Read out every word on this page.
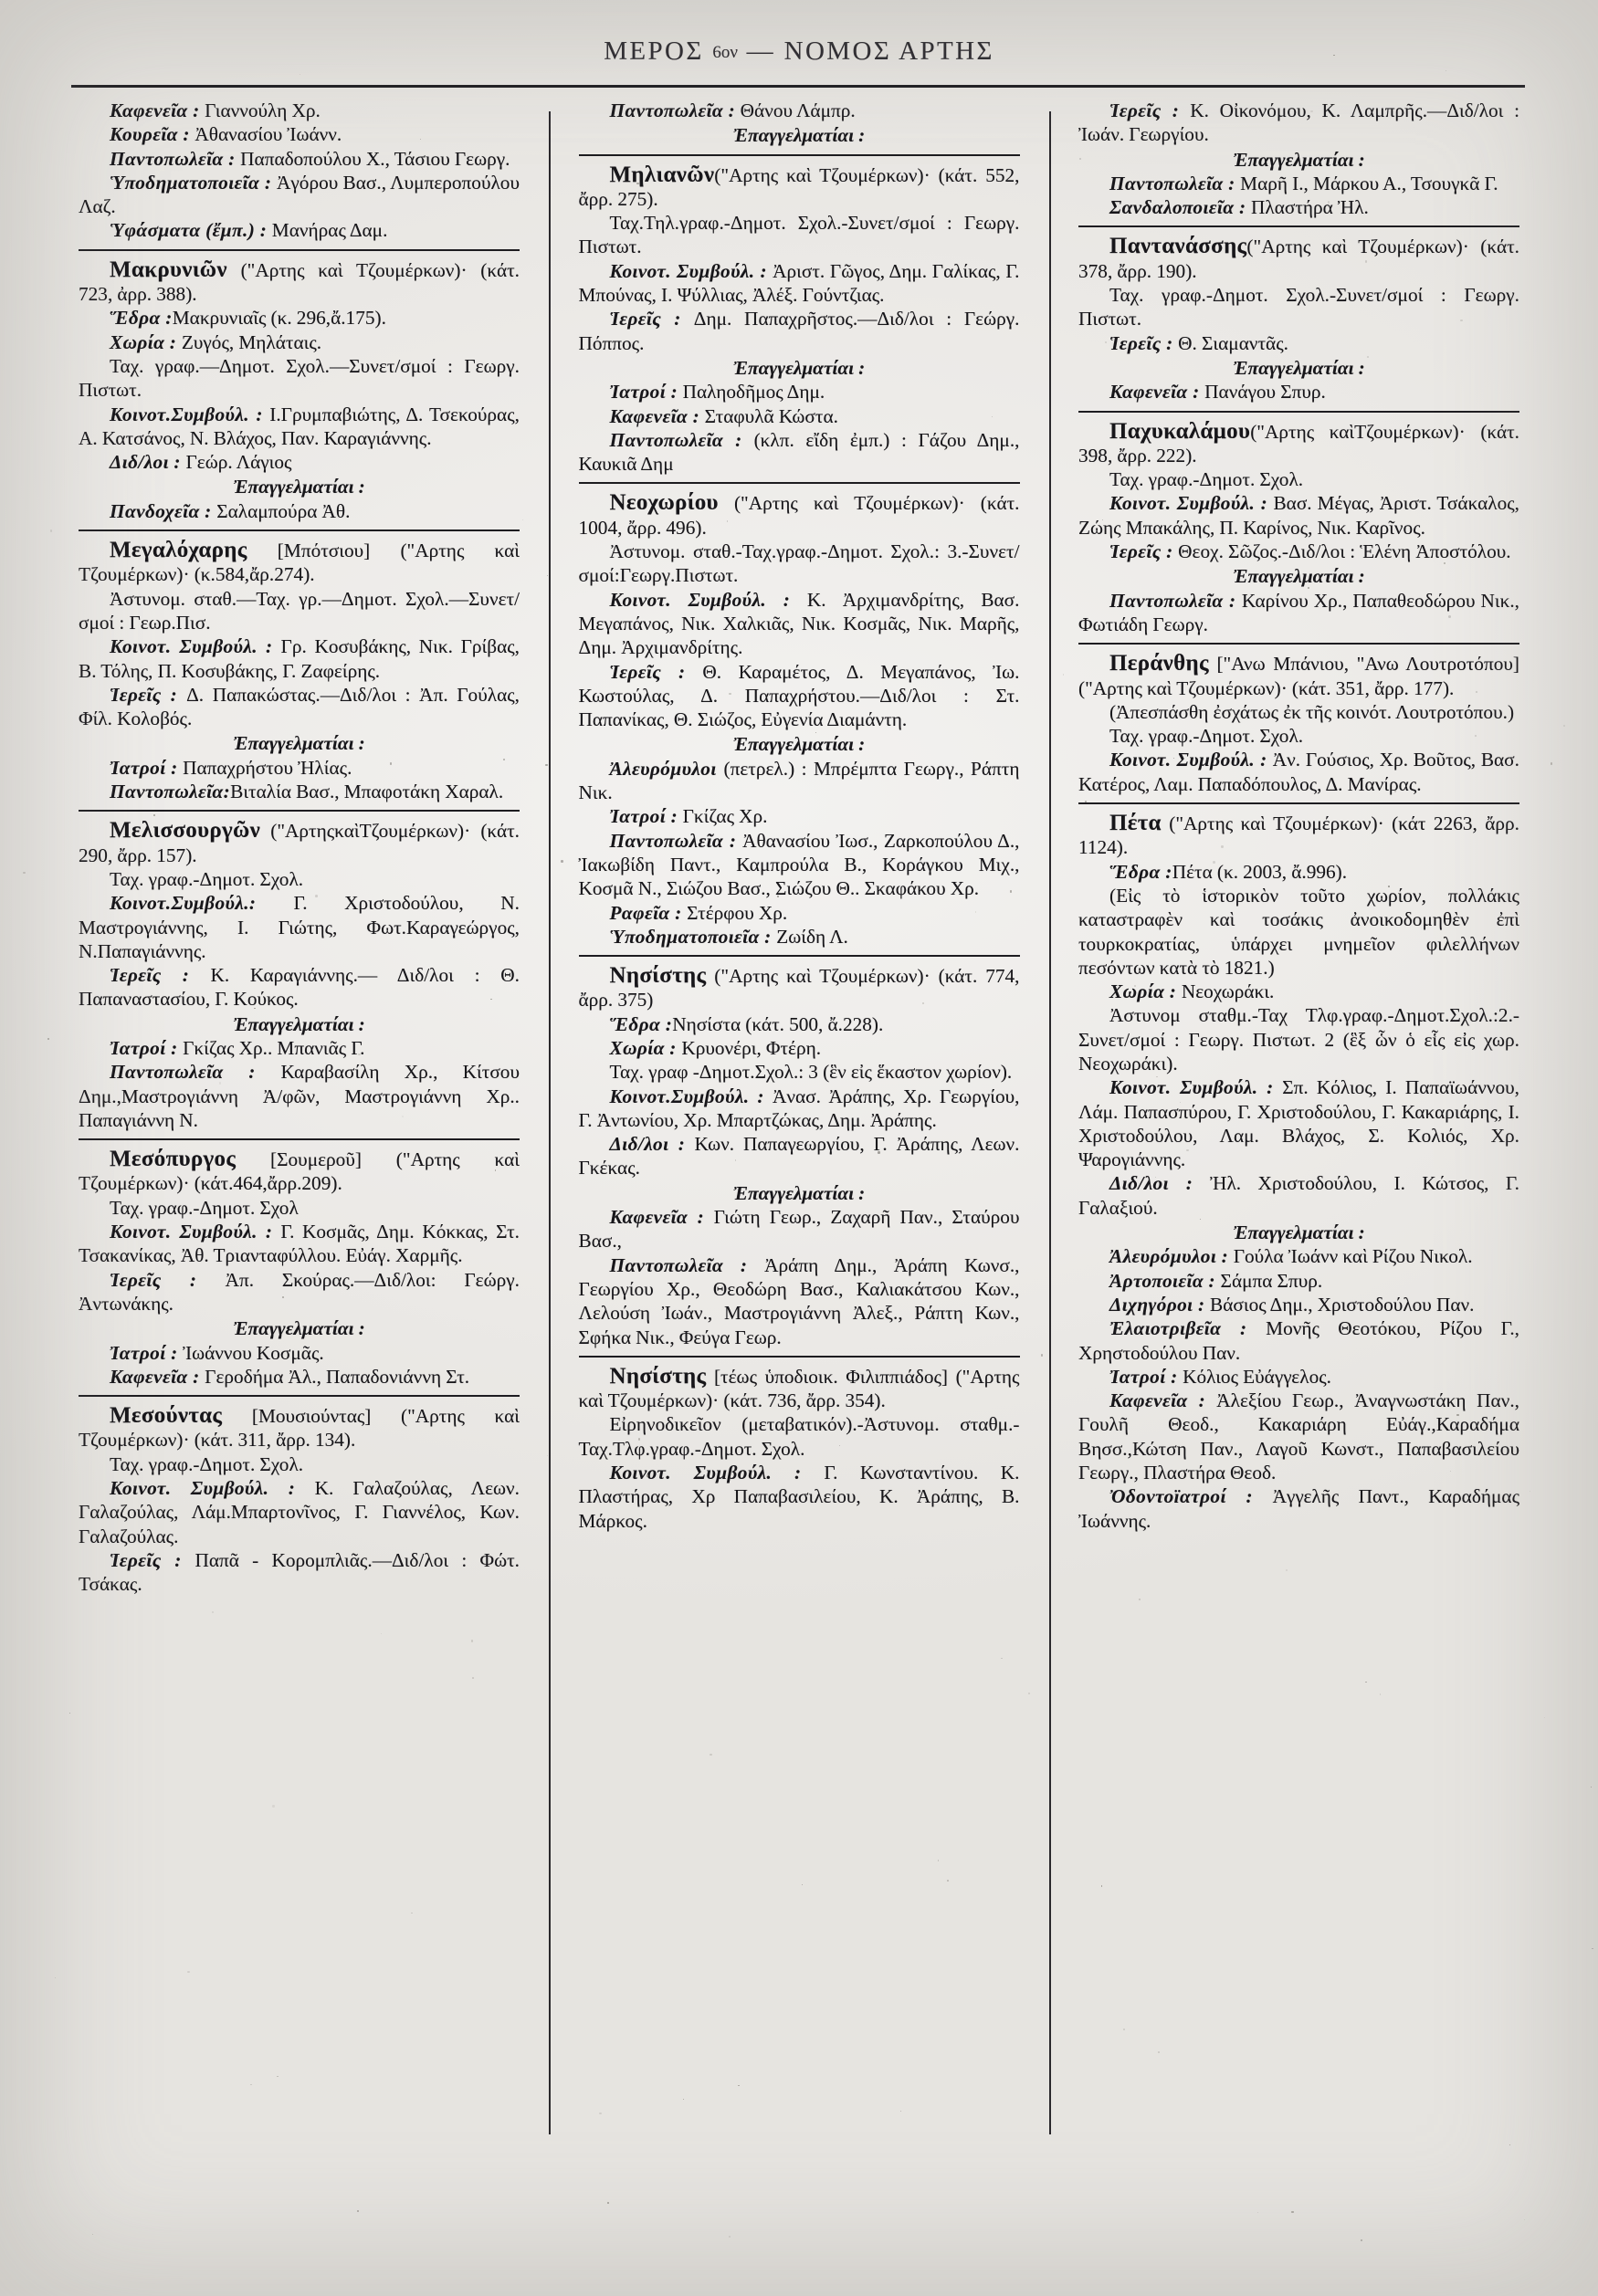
ΜΕΡΟΣ 6ον — ΝΟΜΟΣ ΑΡΤΗΣ
Καφενεῖα : Γιαννούλη Χρ.
Κουρεῖα : Ἀθανασίου Ἰωάνν.
Παντοπωλεῖα : Παπαδοπούλου Χ., Τάσιου Γεωργ.
Ὑποδηματοποιεῖα : Ἀγόρου Βασ., Λυμπεροπούλου Λαζ.
Ὑφάσματα (ἔμπ.) : Μανήρας Δαμ.
Μακρυνιῶν ("Αρτης καὶ Τζουμέρκων)· (κάτ. 723, ἀρρ. 388).
Ἕδρα :Μακρυνιαῖς (κ. 296,ἄ.175).
Χωρία : Ζυγός, Μηλάταις.
Ταχ. γραφ.—Δημοτ. Σχολ.—Συνετ/σμοί : Γεωργ. Πιστωτ.
Κοινοτ.Συμβούλ. : Ι.Γρυμπαβιώτης, Δ. Τσεκούρας, Α. Κατσάνος, Ν. Βλάχος, Παν. Καραγιάννης.
Διδ/λοι : Γεώρ. Λάγιος
Ἐπαγγελματίαι :
Πανδοχεῖα : Σαλαμπούρα Ἀθ.
Μεγαλόχαρης [Μπότσιου] ("Αρτης καὶ Τζουμέρκων)· (κ.584,ἄρ.274).
Ἀστυνομ. σταθ.—Ταχ. γρ.—Δημοτ. Σχολ.—Συνετ/σμοί : Γεωρ.Πισ.
Κοινοτ. Συμβούλ. : Γρ. Κοσυβάκης, Νικ. Γρίβας, Β. Τόλης, Π. Κοσυβάκης, Γ. Ζαφείρης.
Ἱερεῖς : Δ. Παπακώστας.—Διδ/λοι : Ἀπ. Γούλας, Φίλ. Κολοβός.
Ἐπαγγελματίαι :
Ἰατροί : Παπαχρήστου Ἠλίας.
Παντοπωλεῖα:Βιταλία Βασ., Μπαφοτάκη Χαραλ.
Μελισσουργῶν ("ΑρτηςκαὶΤζουμέρκων)· (κάτ. 290, ἄρρ. 157).
Ταχ. γραφ.-Δημοτ. Σχολ.
Κοινοτ.Συμβούλ.: Γ. Χριστοδούλου, Ν. Μαστρογιάννης, Ι. Γιώτης, Φωτ.Καραγεώργος, Ν.Παπαγιάννης.
Ἱερεῖς : Κ. Καραγιάννης.— Διδ/λοι : Θ. Παπαναστασίου, Γ. Κούκος.
Ἐπαγγελματίαι :
Ἰατροί : Γκίζας Χρ.. Μπανιᾶς Γ.
Παντοπωλεῖα : Καραβασίλη Χρ., Κίτσου Δημ.,Μαστρογιάννη Ἀ/φῶν, Μαστρογιάννη Χρ.. Παπαγιάννη Ν.
Μεσόπυργος [Σουμεροῦ] ("Αρτης καὶ Τζουμέρκων)· (κάτ.464,ἄρρ.209).
Ταχ. γραφ.-Δημοτ. Σχολ
Κοινοτ. Συμβούλ. : Γ. Κοσμᾶς, Δημ. Κόκκας, Στ. Τσακανίκας, Ἀθ. Τριανταφύλλου. Εὐάγ. Χαρμῆς.
Ἱερεῖς : Ἀπ. Σκούρας.—Διδ/λοι: Γεώργ. Ἀντωνάκης.
Ἐπαγγελματίαι :
Ἰατροί : Ἰωάννου Κοσμᾶς.
Καφενεῖα : Γεροδήμα Ἀλ., Παπαδονιάννη Στ.
Μεσούντας [Μουσιούντας] ("Αρτης καὶ Τζουμέρκων)· (κάτ. 311, ἄρρ. 134).
Ταχ. γραφ.-Δημοτ. Σχολ.
Κοινοτ. Συμβούλ. : Κ. Γαλαζούλας, Λεων. Γαλαζούλας, Λάμ.Μπαρτονῖνος, Γ. Γιαννέλος, Κων. Γαλαζούλας.
Ἱερεῖς : Παπᾶ - Κορομπλιᾶς.—Διδ/λοι : Φώτ. Τσάκας.
Παντοπωλεῖα : Θάνου Λάμπρ.
Ἐπαγγελματίαι :
Μηλιανῶν("Αρτης καὶ Τζουμέρκων)· (κάτ. 552, ἄρρ. 275).
Ταχ.Τηλ.γραφ.-Δημοτ. Σχολ.-Συνετ/σμοί : Γεωργ. Πιστωτ.
Κοινοτ. Συμβούλ. : Ἀριστ. Γῶγος, Δημ. Γαλίκας, Γ. Μπούνας, Ι. Ψύλλιας, Ἀλέξ. Γούντζιας.
Ἱερεῖς : Δημ. Παπαχρῆστος.—Διδ/λοι : Γεώργ. Πόππος.
Ἐπαγγελματίαι :
Ἰατροί : Παληοδῆμος Δημ.
Καφενεῖα : Σταφυλᾶ Κώστα.
Παντοπωλεῖα : (κλπ. εἴδη ἐμπ.) : Γάζου Δημ., Καυκιᾶ Δημ
Νεοχωρίου ("Αρτης καὶ Τζουμέρκων)· (κάτ. 1004, ἄρρ. 496).
Ἀστυνομ. σταθ.-Ταχ.γραφ.-Δημοτ. Σχολ.: 3.-Συνετ/σμοί:Γεωργ.Πιστωτ.
Κοινοτ. Συμβούλ. : Κ. Ἀρχιμανδρίτης, Βασ. Μεγαπάνος, Νικ. Χαλκιᾶς, Νικ. Κοσμᾶς, Νικ. Μαρῆς, Δημ. Ἀρχιμανδρίτης.
Ἱερεῖς : Θ. Καραμέτος, Δ. Μεγαπάνος, Ἰω. Κωστούλας, Δ. Παπαχρήστου.—Διδ/λοι : Στ. Παπανίκας, Θ. Σιώζος, Εὐγενία Διαμάντη.
Ἐπαγγελματίαι :
Ἀλευρόμυλοι (πετρελ.) : Μπρέμπτα Γεωργ., Ράπτη Νικ.
Ἰατροί : Γκίζας Χρ.
Παντοπωλεῖα : Ἀθανασίου Ἰωσ., Ζαρκοπούλου Δ., Ἰακωβίδη Παντ., Καμπρούλα Β., Κοράγκου Μιχ., Κοσμᾶ Ν., Σιώζου Βασ., Σιώζου Θ.. Σκαφάκου Χρ.
Ραφεῖα : Στέρφου Χρ.
Ὑποδηματοποιεῖα : Ζωίδη Λ.
Νησίστης ("Αρτης καὶ Τζουμέρκων)· (κάτ. 774, ἄρρ. 375)
Ἕδρα :Νησίστα (κάτ. 500, ἄ.228).
Χωρία : Κρυονέρι, Φτέρη.
Ταχ. γραφ -Δημοτ.Σχολ.: 3 (ἓν εἰς ἕκαστον χωρίον).
Κοινοτ.Συμβούλ. : Ἀνασ. Ἀράπης, Χρ. Γεωργίου, Γ. Ἀντωνίου, Χρ. Μπαρτζώκας, Δημ. Ἀράπης.
Διδ/λοι : Κων. Παπαγεωργίου, Γ. Ἀράπης, Λεων. Γκέκας.
Ἐπαγγελματίαι :
Καφενεῖα : Γιώτη Γεωρ., Ζαχαρῆ Παν., Σταύρου Βασ.,
Παντοπωλεῖα : Ἀράπη Δημ., Ἀράπη Κωνσ., Γεωργίου Χρ., Θεοδώρη Βασ., Καλιακάτσου Κων., Λελούση Ἰωάν., Μαστρογιάννη Ἀλεξ., Ράπτη Κων., Σφήκα Νικ., Φεύγα Γεωρ.
Νησίστης [τέως ὑποδιοικ. Φιλιππιάδος] ("Αρτης καὶ Τζουμέρκων)· (κάτ. 736, ἄρρ. 354).
Εἰρηνοδικεῖον (μεταβατικόν).-Ἀστυνομ. σταθμ.-Ταχ.Τλφ.γραφ.-Δημοτ. Σχολ.
Κοινοτ. Συμβούλ. : Γ. Κωνσταντίνου. Κ. Πλαστήρας, Χρ Παπαβασιλείου, Κ. Ἀράπης, Β. Μάρκος.
Ἱερεῖς : Κ. Οἰκονόμου, Κ. Λαμπρῆς.—Διδ/λοι : Ἰωάν. Γεωργίου.
Ἐπαγγελματίαι :
Παντοπωλεῖα : Μαρῆ Ι., Μάρκου Α., Τσουγκᾶ Γ.
Σανδαλοποιεῖα : Πλαστήρα Ἠλ.
Παντανάσσης("Αρτης καὶ Τζουμέρκων)· (κάτ. 378, ἄρρ. 190).
Ταχ. γραφ.-Δημοτ. Σχολ.-Συνετ/σμοί : Γεωργ. Πιστωτ.
Ἱερεῖς : Θ. Σιαμαντᾶς.
Ἐπαγγελματίαι :
Καφενεῖα : Πανάγου Σπυρ.
Παχυκαλάμου("Αρτης καὶΤζουμέρκων)· (κάτ. 398, ἄρρ. 222).
Ταχ. γραφ.-Δημοτ. Σχολ.
Κοινοτ. Συμβούλ. : Βασ. Μέγας, Ἀριστ. Τσάκαλος, Ζώης Μπακάλης, Π. Καρίνος, Νικ. Καρῖνος.
Ἱερεῖς : Θεοχ. Σῶζος.-Διδ/λοι : Ἑλένη Ἀποστόλου.
Ἐπαγγελματίαι :
Παντοπωλεῖα : Καρίνου Χρ., Παπαθεοδώρου Νικ., Φωτιάδη Γεωργ.
Περάνθης ["Ανω Μπάνιου, "Ανω Λουτροτόπου] ("Αρτης καὶ Τζουμέρκων)· (κάτ. 351, ἄρρ. 177).
(Ἀπεσπάσθη ἐσχάτως ἐκ τῆς κοινότ. Λουτροτόπου.)
Ταχ. γραφ.-Δημοτ. Σχολ.
Κοινοτ. Συμβούλ. : Ἀν. Γούσιος, Χρ. Βοῦτος, Βασ. Κατέρος, Λαμ. Παπαδόπουλος, Δ. Μανίρας.
Πέτα ("Αρτης καὶ Τζουμέρκων)· (κάτ 2263, ἄρρ. 1124).
Ἕδρα :Πέτα (κ. 2003, ἄ.996).
(Εἰς τὸ ἱστορικὸν τοῦτο χωρίον, πολλάκις καταστραφὲν καὶ τοσάκις ἀνοικοδομηθὲν ἐπὶ τουρκοκρατίας, ὑπάρχει μνημεῖον φιλελλήνων πεσόντων κατὰ τὸ 1821.)
Χωρία : Νεοχωράκι.
Ἀστυνομ σταθμ.-Ταχ Τλφ.γραφ.-Δημοτ.Σχολ.:2.-Συνετ/σμοί : Γεωργ. Πιστωτ. 2 (ἓξ ὧν ὁ εἷς εἰς χωρ. Νεοχωράκι).
Κοινοτ. Συμβούλ. : Σπ. Κόλιος, Ι. Παπαϊωάννου, Λάμ. Παπασπύρου, Γ. Χριστοδούλου, Γ. Κακαριάρης, Ι. Χριστοδούλου, Λαμ. Βλάχος, Σ. Κολιός, Χρ. Ψαρογιάννης.
Διδ/λοι : Ἠλ. Χριστοδούλου, Ι. Κώτσος, Γ. Γαλαξιού.
Ἐπαγγελματίαι :
Ἀλευρόμυλοι : Γούλα Ἰωάνν καὶ Ρίζου Νικολ.
Ἀρτοποιεῖα : Σάμπα Σπυρ.
Διχηγόροι : Βάσιος Δημ., Χριστοδούλου Παν.
Ἐλαιοτριβεῖα : Μονῆς Θεοτόκου, Ρίζου Γ., Χρηστοδούλου Παν.
Ἰατροί : Κόλιος Εὐάγγελος.
Καφενεῖα : Ἀλεξίου Γεωρ., Ἀναγνωστάκη Παν., Γουλῆ Θεοδ., Κακαριάρη Εὐάγ.,Καραδήμα Βησσ.,Κώτση Παν., Λαγοῦ Κωνστ., Παπαβασιλείου Γεωργ., Πλαστήρα Θεοδ.
Ὀδοντοϊατροί : Ἀγγελῆς Παντ., Καραδήμας Ἰωάννης.
